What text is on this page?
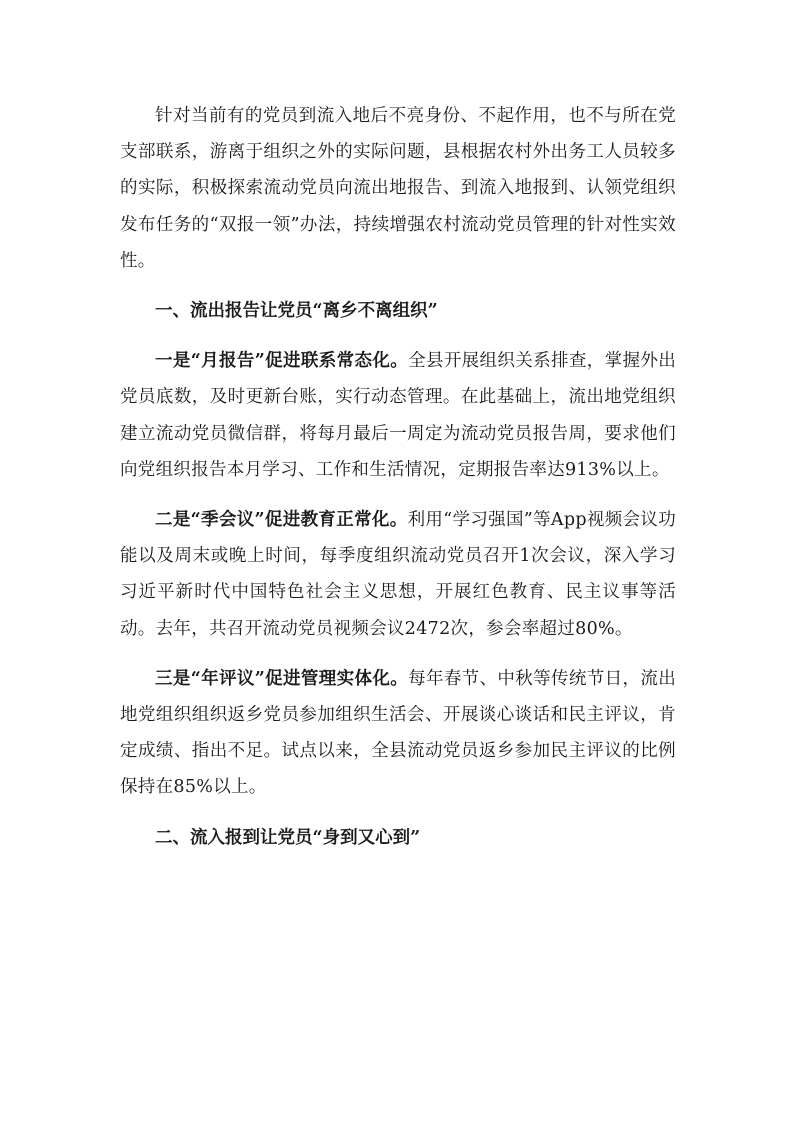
针对当前有的党员到流入地后不亮身份、不起作用，也不与所在党支部联系，游离于组织之外的实际问题，县根据农村外出务工人员较多的实际，积极探索流动党员向流出地报告、到流入地报到、认领党组织发布任务的“双报一领”办法，持续增强农村流动党员管理的针对性实效性。

一、流出报告让党员“离乡不离组织”

一是“月报告”促进联系常态化。全县开展组织关系排查，掌握外出党员底数，及时更新台账，实行动态管理。在此基础上，流出地党组织建立流动党员微信群，将每月最后一周定为流动党员报告周，要求他们向党组织报告本月学习、工作和生活情况，定期报告率达913%以上。

二是“季会议”促进教育正常化。利用“学习强国”等App视频会议功能以及周末或晚上时间，每季度组织流动党员召开1次会议，深入学习习近平新时代中国特色社会主义思想，开展红色教育、民主议事等活动。去年，共召开流动党员视频会议2472次，参会率超过80%。

三是“年评议”促进管理实体化。每年春节、中秋等传统节日，流出地党组织组织返乡党员参加组织生活会、开展谈心谈话和民主评议，肯定成绩、指出不足。试点以来，全县流动党员返乡参加民主评议的比例保持在85%以上。

二、流入报到让党员“身到又心到”
